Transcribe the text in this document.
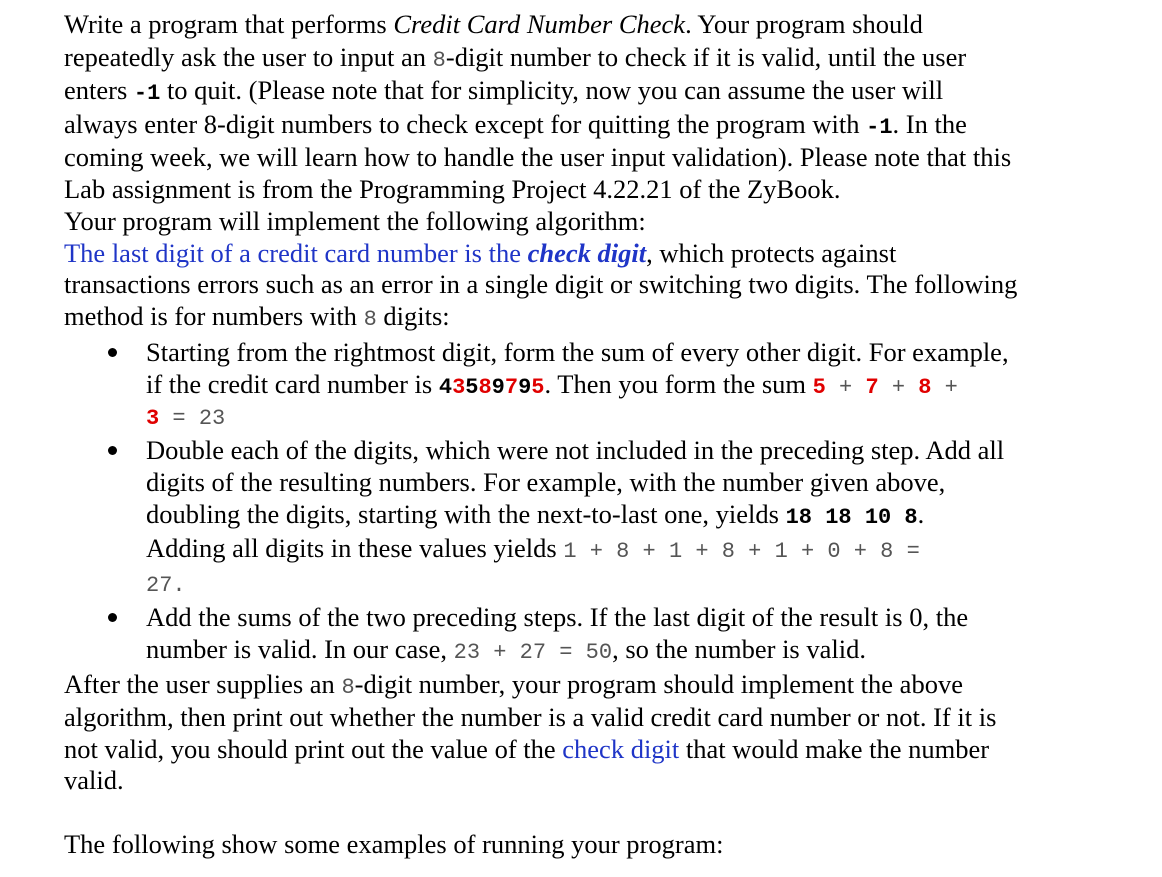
Write a program that performs Credit Card Number Check. Your program should
repeatedly ask the user to input an 8-digit number to check if it is valid, until the user
enters -1 to quit. (Please note that for simplicity, now you can assume the user will
always enter 8-digit numbers to check except for quitting the program with -1. In the
coming week, we will learn how to handle the user input validation). Please note that this
Lab assignment is from the Programming Project 4.22.21 of the ZyBook.
Your program will implement the following algorithm:
The last digit of a credit card number is the check digit, which protects against
transactions errors such as an error in a single digit or switching two digits. The following
method is for numbers with 8 digits:
Starting from the rightmost digit, form the sum of every other digit. For example,
if the credit card number is 43589795. Then you form the sum 5 + 7 + 8 +
3 = 23
Double each of the digits, which were not included in the preceding step. Add all
digits of the resulting numbers. For example, with the number given above,
doubling the digits, starting with the next-to-last one, yields 18 18 10 8.
Adding all digits in these values yields 1 + 8 + 1 + 8 + 1 + 0 + 8 =
27.
Add the sums of the two preceding steps. If the last digit of the result is 0, the
number is valid. In our case, 23 + 27 = 50, so the number is valid.
After the user supplies an 8-digit number, your program should implement the above
algorithm, then print out whether the number is a valid credit card number or not. If it is
not valid, you should print out the value of the check digit that would make the number
valid.
The following show some examples of running your program:
